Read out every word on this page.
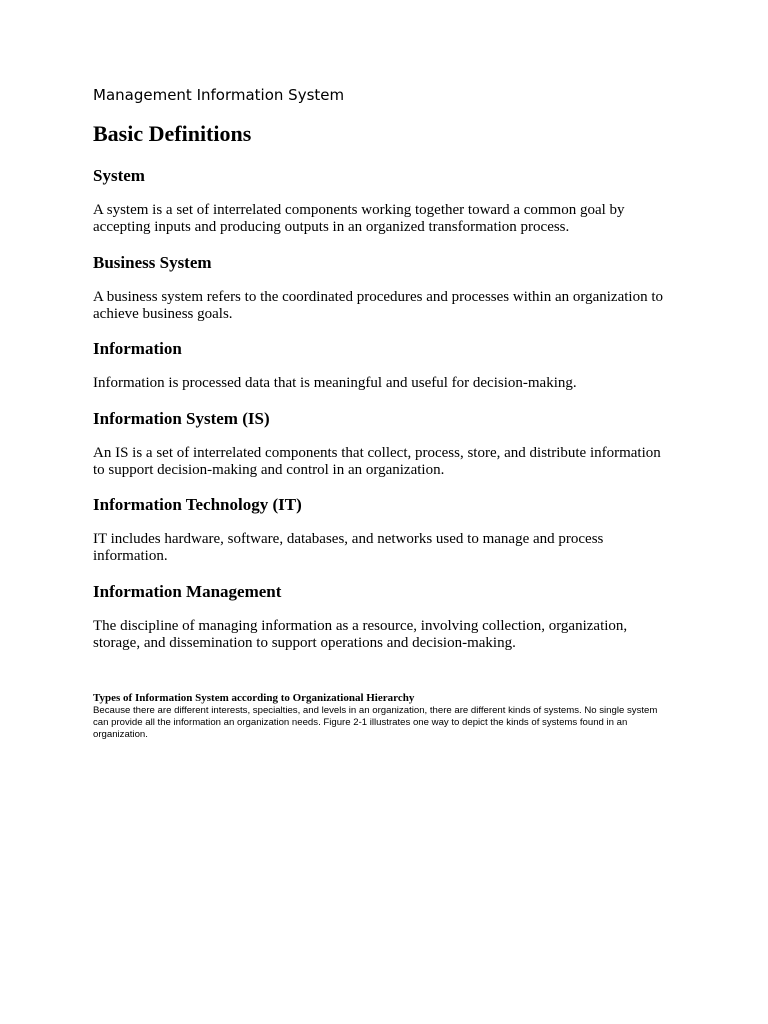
Management Information System
Basic Definitions
System

A system is a set of interrelated components working together toward a common goal by accepting inputs and producing outputs in an organized transformation process.

Business System

A business system refers to the coordinated procedures and processes within an organization to achieve business goals.

Information

Information is processed data that is meaningful and useful for decision-making.

Information System (IS)

An IS is a set of interrelated components that collect, process, store, and distribute information to support decision-making and control in an organization.

Information Technology (IT)

IT includes hardware, software, databases, and networks used to manage and process information.

Information Management

The discipline of managing information as a resource, involving collection, organization, storage, and dissemination to support operations and decision-making.

Types of Information System according to Organizational Hierarchy

Because there are different interests, specialties, and levels in an organization, there are different kinds of systems. No single system can provide all the information an organization needs. Figure 2-1 illustrates one way to depict the kinds of systems found in an organization.
